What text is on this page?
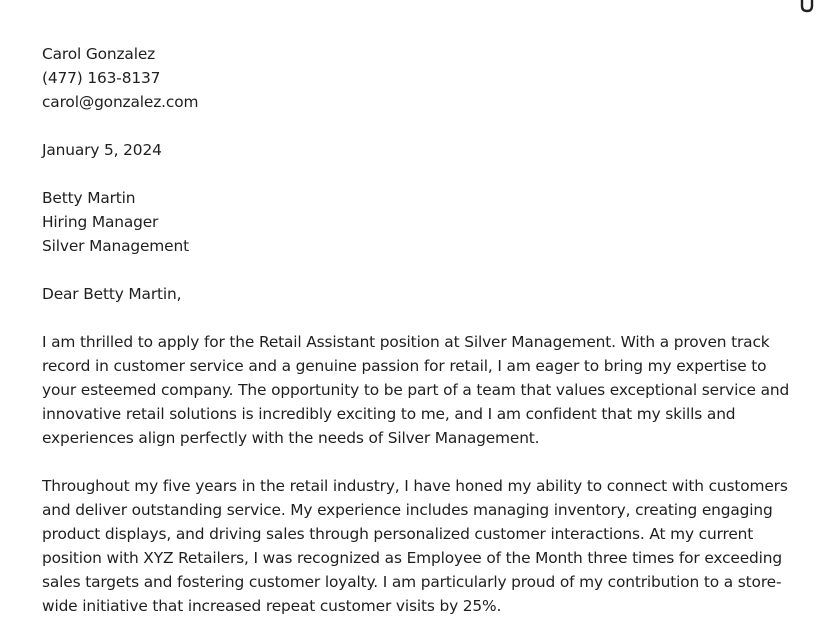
Carol Gonzalez
(477) 163-8137
carol@gonzalez.com
January 5, 2024
Betty Martin
Hiring Manager
Silver Management
Dear Betty Martin,

I am thrilled to apply for the Retail Assistant position at Silver Management. With a proven track record in customer service and a genuine passion for retail, I am eager to bring my expertise to your esteemed company. The opportunity to be part of a team that values exceptional service and innovative retail solutions is incredibly exciting to me, and I am confident that my skills and experiences align perfectly with the needs of Silver Management.

Throughout my five years in the retail industry, I have honed my ability to connect with customers and deliver outstanding service. My experience includes managing inventory, creating engaging product displays, and driving sales through personalized customer interactions. At my current position with XYZ Retailers, I was recognized as Employee of the Month three times for exceeding sales targets and fostering customer loyalty. I am particularly proud of my contribution to a store-wide initiative that increased repeat customer visits by 25%.
